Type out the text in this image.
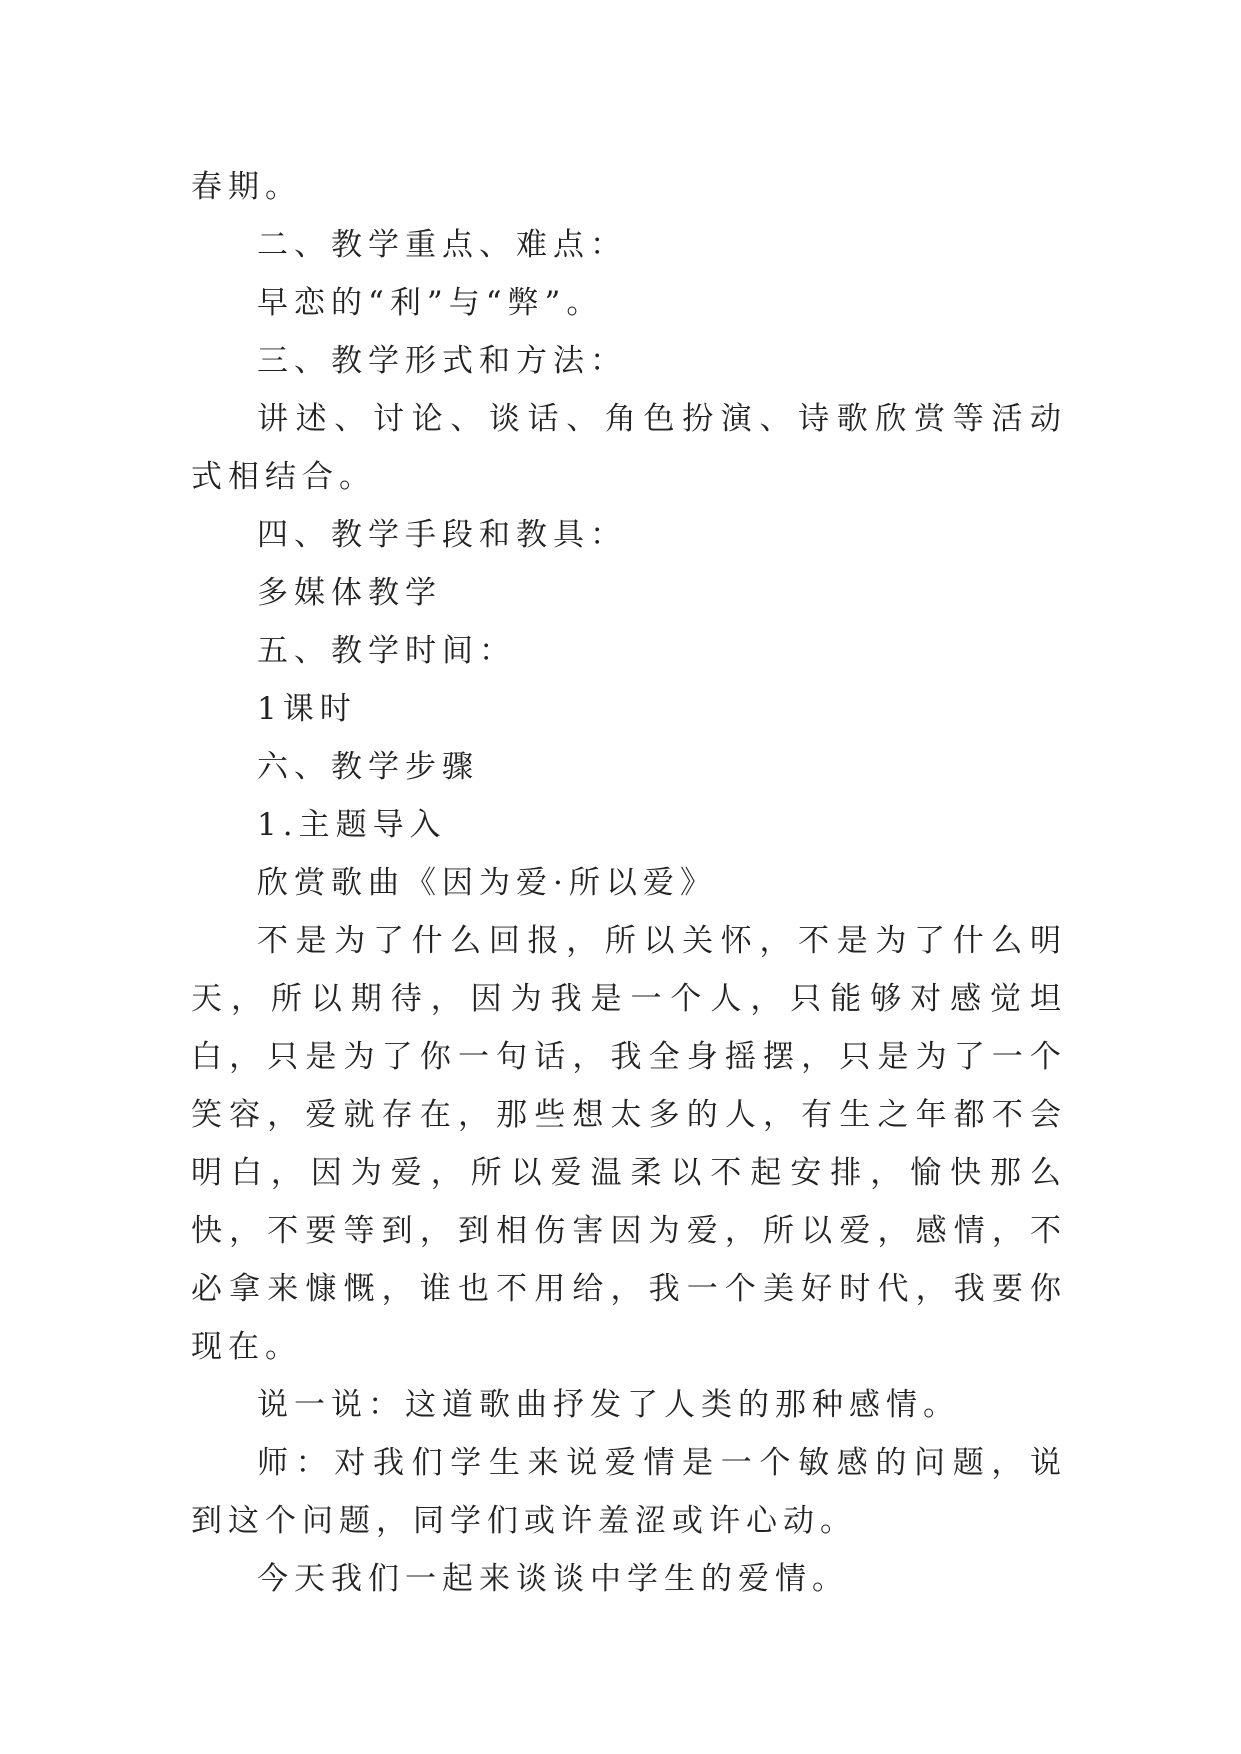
春期。

二、教学重点、难点：

早恋的“利”与“弊”。

三、教学形式和方法：

讲述、讨论、谈话、角色扮演、诗歌欣赏等活动式相结合。

四、教学手段和教具：

多媒体教学

五、教学时间：

1课时

六、教学步骤

1.主题导入

欣赏歌曲《因为爱·所以爱》

不是为了什么回报，所以关怀，不是为了什么明天，所以期待，因为我是一个人，只能够对感觉坦白，只是为了你一句话，我全身摇摆，只是为了一个笑容，爱就存在，那些想太多的人，有生之年都不会明白，因为爱，所以爱温柔以不起安排，愉快那么快，不要等到，到相伤害因为爱，所以爱，感情，不必拿来慷慨，谁也不用给，我一个美好时代，我要你现在。

说一说：这道歌曲抒发了人类的那种感情。

师：对我们学生来说爱情是一个敏感的问题，说到这个问题，同学们或许羞涩或许心动。

今天我们一起来谈谈中学生的爱情。
